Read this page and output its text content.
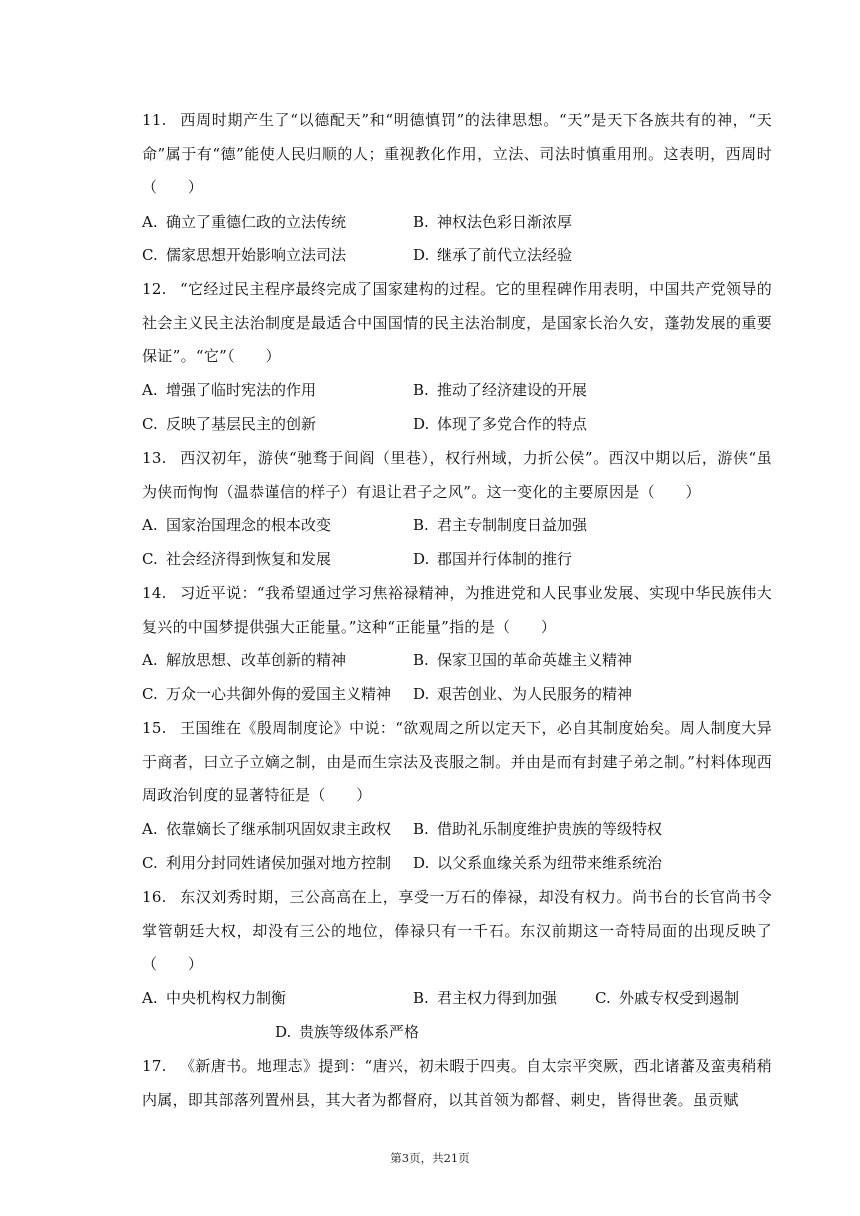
11. 西周时期产生了“以德配天”和“明德慎罚”的法律思想。“天”是天下各族共有的神，“天命”属于有“德”能使人民归顺的人；重视教化作用，立法、司法时慎重用刑。这表明，西周时（　　）
A. 确立了重德仁政的立法传统	B. 神权法色彩日渐浓厚
C. 儒家思想开始影响立法司法	D. 继承了前代立法经验
12. “它经过民主程序最终完成了国家建构的过程。它的里程碑作用表明，中国共产党领导的社会主义民主法治制度是最适合中国国情的民主法治制度，是国家长治久安，蓬勃发展的重要保证”。“它”（　　）
A. 增强了临时宪法的作用	B. 推动了经济建设的开展
C. 反映了基层民主的创新	D. 体现了多党合作的特点
13. 西汉初年，游侠“驰骛于间阎（里巷），权行州域，力折公侯”。西汉中期以后，游侠“虽为侠而恂恂（温恭谨信的样子）有退让君子之风”。这一变化的主要原因是（　　）
A. 国家治国理念的根本改变	B. 君主专制制度日益加强
C. 社会经济得到恢复和发展	D. 郡国并行体制的推行
14. 习近平说：“我希望通过学习焦裕禄精神，为推进党和人民事业发展、实现中华民族伟大复兴的中国梦提供强大正能量。”这种“正能量”指的是（　　）
A. 解放思想、改革创新的精神	B. 保家卫国的革命英雄主义精神
C. 万众一心共御外侮的爱国主义精神 D. 艰苦创业、为人民服务的精神
15. 王国维在《殷周制度论》中说：“欲观周之所以定天下，必自其制度始矣。周人制度大异于商者，曰立子立嫡之制，由是而生宗法及丧服之制。并由是而有封建子弟之制。”村料体现西周政治钊度的显著特征是（　　）
A. 依靠嫡长了继承制巩固奴隶主政权 B. 借助礼乐制度维护贵族的等级特权
C. 利用分封同姓诸侯加强对地方控制 D. 以父系血缘关系为纽带来维系统治
16. 东汉刘秀时期，三公高高在上，享受一万石的俸禄，却没有权力。尚书台的长官尚书令掌管朝廷大权，却没有三公的地位，俸禄只有一千石。东汉前期这一奇特局面的出现反映了（　　）
A. 中央机构权力制衡	B. 君主权力得到加强	C. 外戚专权受到遏制
D. 贵族等级体系严格
17. 《新唐书。地理志》提到：“唐兴，初未暇于四夷。自太宗平突厥，西北诸蕃及蛮夷稍稍内属，即其部落列置州县，其大者为都督府，以其首领为都督、刺史，皆得世袭。虽贡赋
第3页，共21页
